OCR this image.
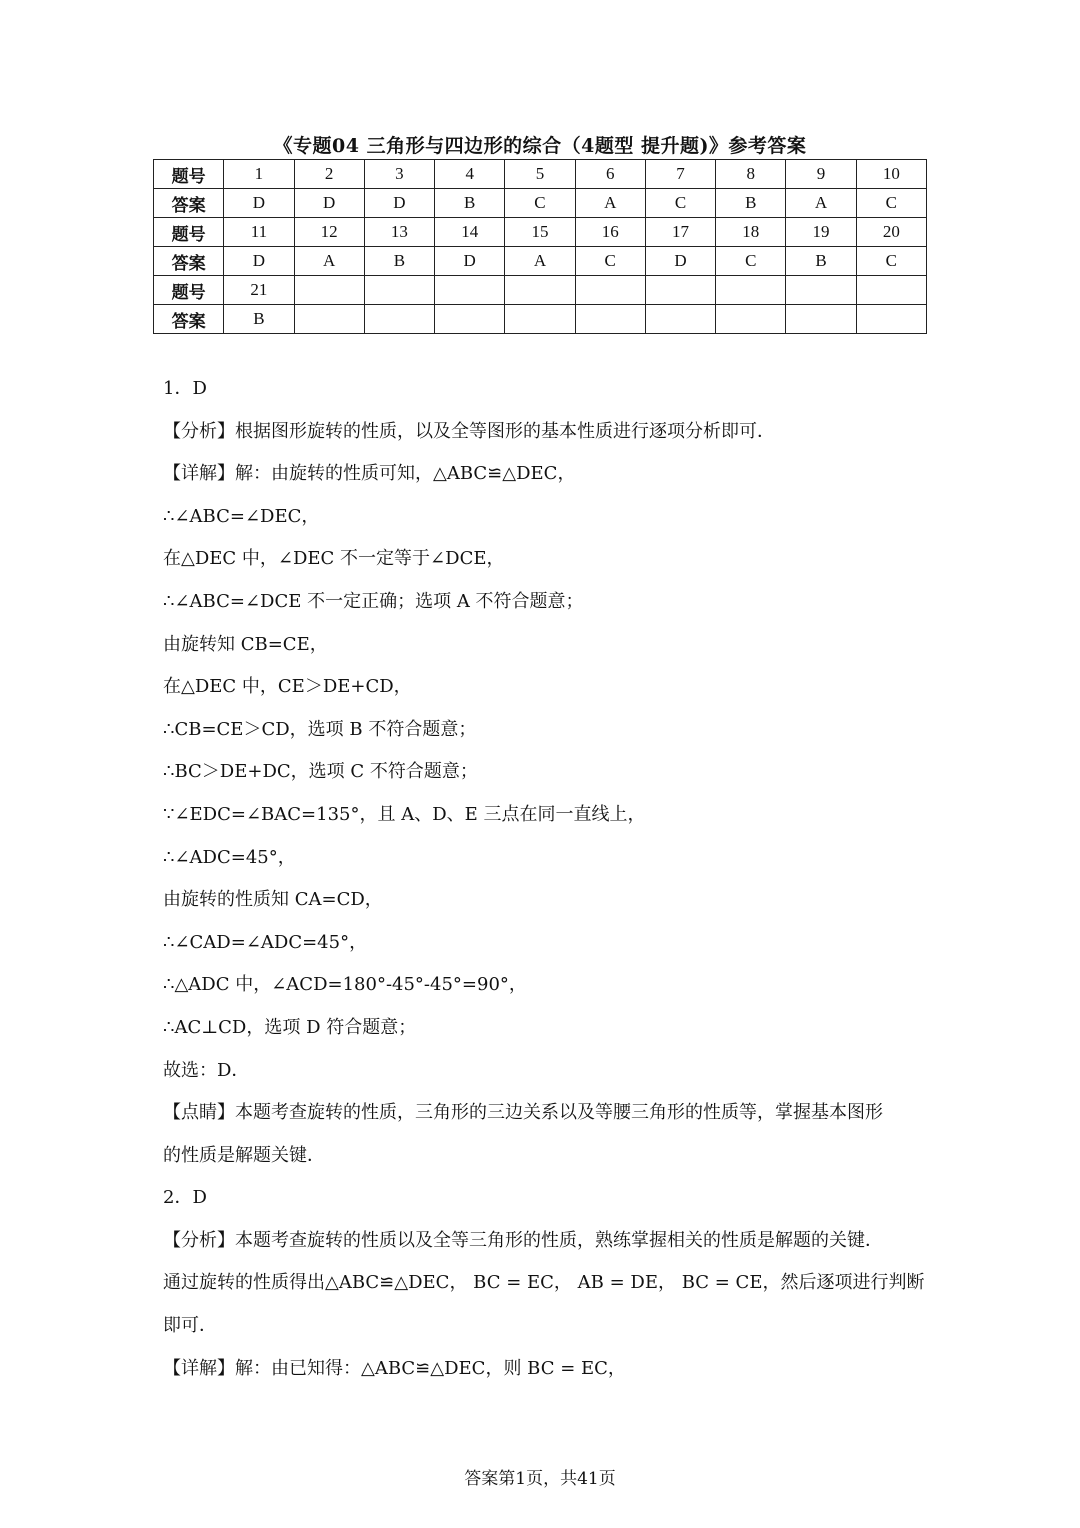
《专题04 三角形与四边形的综合（4题型 提升题)》参考答案
题号	1	2	3	4	5	6	7	8	9	10
答案	D	D	D	B	C	A	C	B	A	C
题号	11	12	13	14	15	16	17	18	19	20
答案	D	A	B	D	A	C	D	C	B	C
题号	21									
答案	B									

1．D

【分析】根据图形旋转的性质，以及全等图形的基本性质进行逐项分析即可．

【详解】解：由旋转的性质可知，△ABC≌△DEC，

∴∠ABC=∠DEC，

在△DEC 中，∠DEC 不一定等于∠DCE，

∴∠ABC=∠DCE 不一定正确；选项 A 不符合题意；

由旋转知 CB=CE，

在△DEC 中，CE＞DE+CD，

∴CB=CE＞CD，选项 B 不符合题意；

∴BC＞DE+DC，选项 C 不符合题意；

∵∠EDC=∠BAC=135°，且 A、D、E 三点在同一直线上，

∴∠ADC=45°，

由旋转的性质知 CA=CD，

∴∠CAD=∠ADC=45°，

∴△ADC 中，∠ACD=180°-45°-45°=90°，

∴AC⊥CD，选项 D 符合题意；

故选：D．

【点睛】本题考查旋转的性质，三角形的三边关系以及等腰三角形的性质等，掌握基本图形

的性质是解题关键．

2．D

【分析】本题考查旋转的性质以及全等三角形的性质，熟练掌握相关的性质是解题的关键．

通过旋转的性质得出△ABC≌△DEC， BC = EC， AB = DE， BC = CE，然后逐项进行判断

即可．

【详解】解：由已知得：△ABC≌△DEC，则 BC = EC，

答案第1页，共41页
